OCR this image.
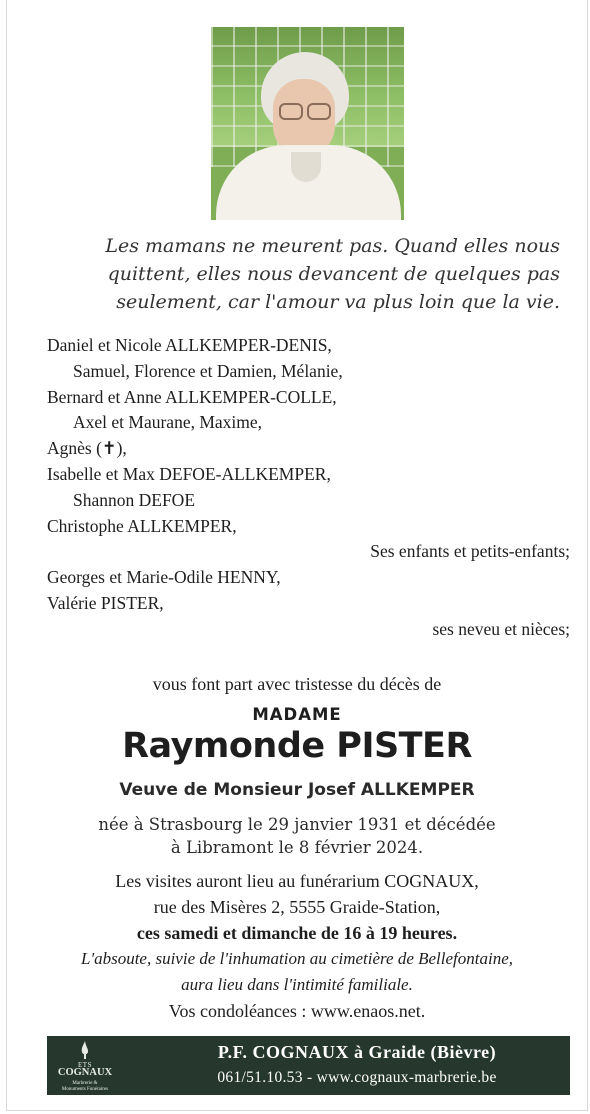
Les mamans ne meurent pas. Quand elles nous
quittent, elles nous devancent de quelques pas
seulement, car l'amour va plus loin que la vie.
Daniel et Nicole ALLKEMPER-DENIS,
Samuel, Florence et Damien, Mélanie,
Bernard et Anne ALLKEMPER-COLLE,
Axel et Maurane, Maxime,
Agnès (✝),
Isabelle et Max DEFOE-ALLKEMPER,
Shannon DEFOE
Christophe ALLKEMPER,
Ses enfants et petits-enfants;
Georges et Marie-Odile HENNY,
Valérie PISTER,
ses neveu et nièces;
vous font part avec tristesse du décès de
MADAME
Raymonde PISTER
Veuve de Monsieur Josef ALLKEMPER
née à Strasbourg le 29 janvier 1931 et décédée
à Libramont le 8 février 2024.
Les visites auront lieu au funérarium COGNAUX,
rue des Misères 2, 5555 Graide-Station,
ces samedi et dimanche de 16 à 19 heures.
L'absoute, suivie de l'inhumation au cimetière de Bellefontaine,
aura lieu dans l'intimité familiale.
Vos condoléances : www.enaos.net.
ETS
COGNAUX
Marbrerie &
Monuments Funéraires
P.F. COGNAUX à Graide (Bièvre)
061/51.10.53 - www.cognaux-marbrerie.be
